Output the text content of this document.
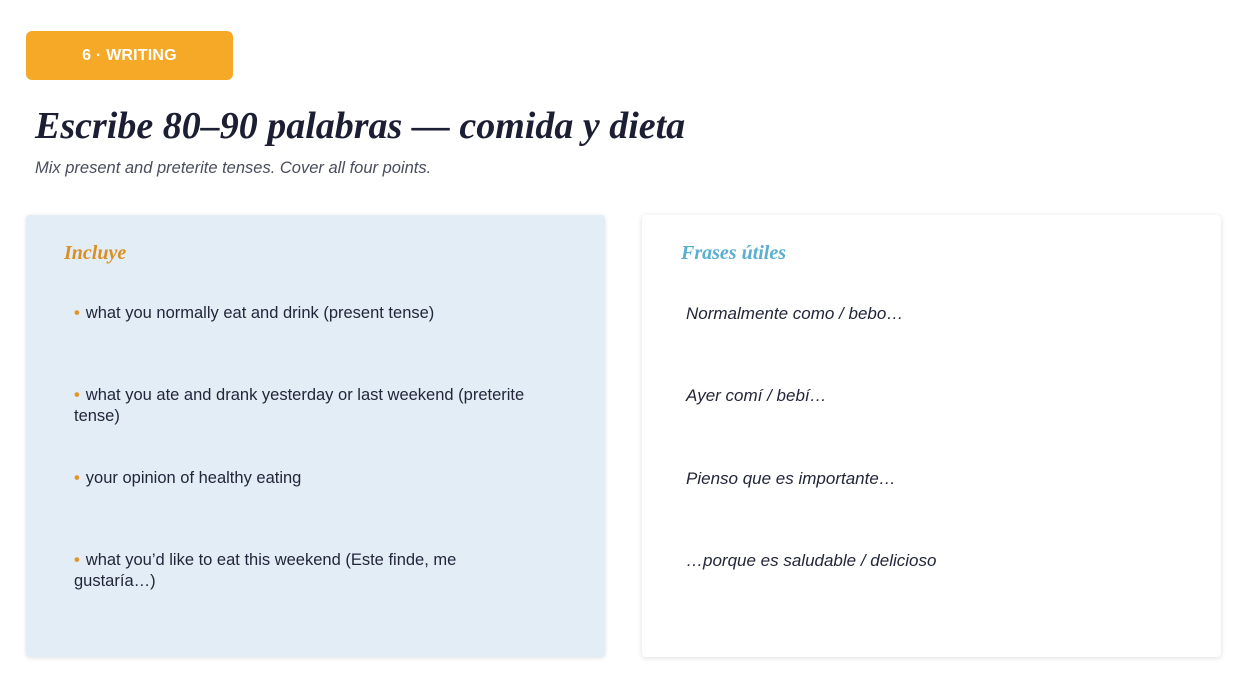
6 · WRITING
Escribe 80–90 palabras — comida y dieta

Mix present and preterite tenses. Cover all four points.

Incluye
• what you normally eat and drink (present tense)
• what you ate and drank yesterday or last weekend (preterite tense)
• your opinion of healthy eating
• what you’d like to eat this weekend (Este finde, me gustaría…)
Frases útiles
Normalmente como / bebo…
Ayer comí / bebí…
Pienso que es importante…
…porque es saludable / delicioso
